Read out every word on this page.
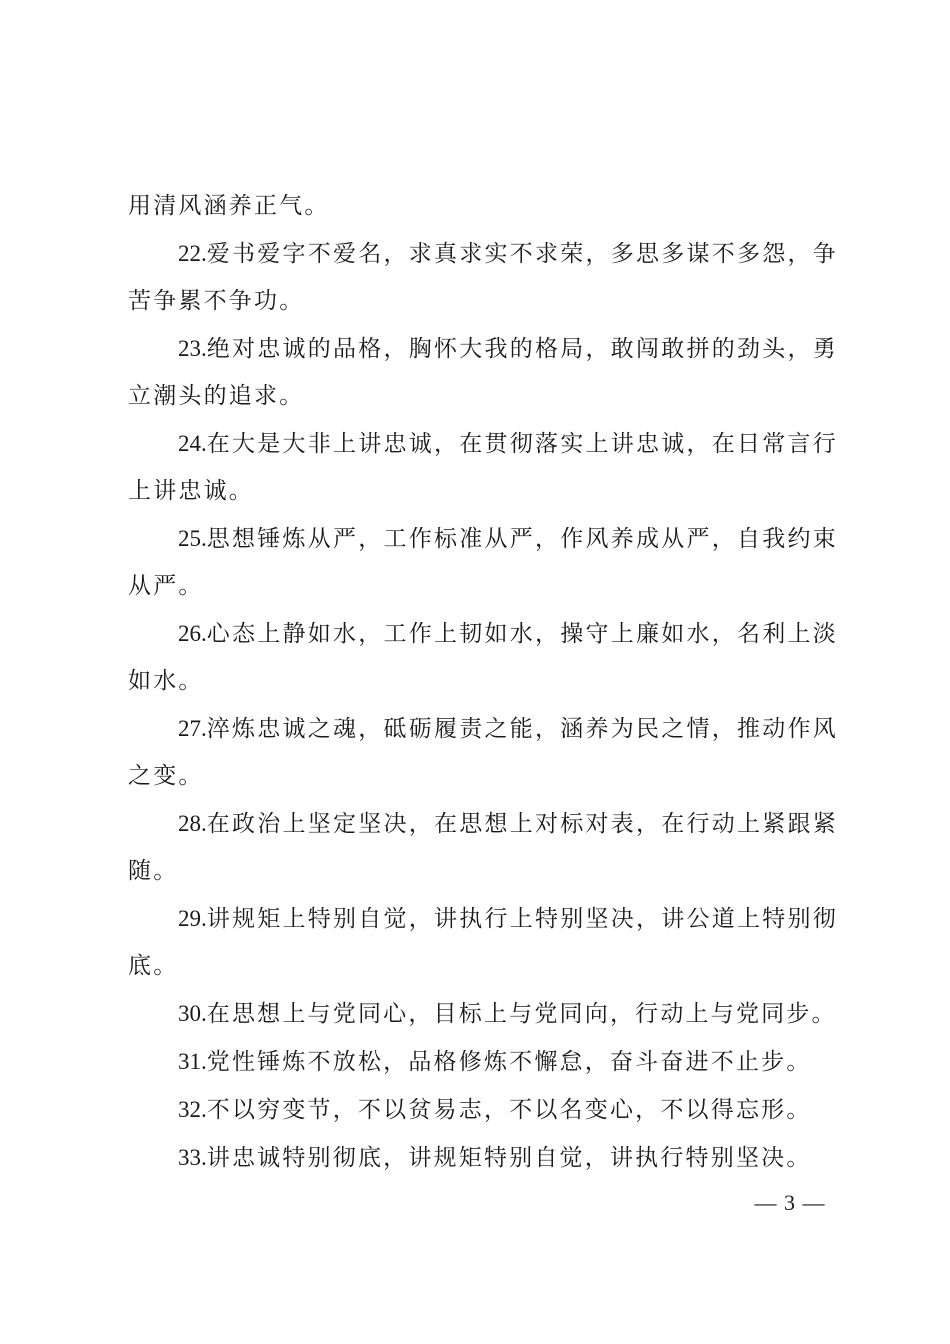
用清风涵养正气。

22.爱书爱字不爱名，求真求实不求荣，多思多谋不多怨，争苦争累不争功。

23.绝对忠诚的品格，胸怀大我的格局，敢闯敢拼的劲头，勇立潮头的追求。

24.在大是大非上讲忠诚，在贯彻落实上讲忠诚，在日常言行上讲忠诚。

25.思想锤炼从严，工作标准从严，作风养成从严，自我约束从严。

26.心态上静如水，工作上韧如水，操守上廉如水，名利上淡如水。

27.淬炼忠诚之魂，砥砺履责之能，涵养为民之情，推动作风之变。

28.在政治上坚定坚决，在思想上对标对表，在行动上紧跟紧随。

29.讲规矩上特别自觉，讲执行上特别坚决，讲公道上特别彻底。

30.在思想上与党同心，目标上与党同向，行动上与党同步。

31.党性锤炼不放松，品格修炼不懈怠，奋斗奋进不止步。

32.不以穷变节，不以贫易志，不以名变心，不以得忘形。

33.讲忠诚特别彻底，讲规矩特别自觉，讲执行特别坚决。

— 3 —
